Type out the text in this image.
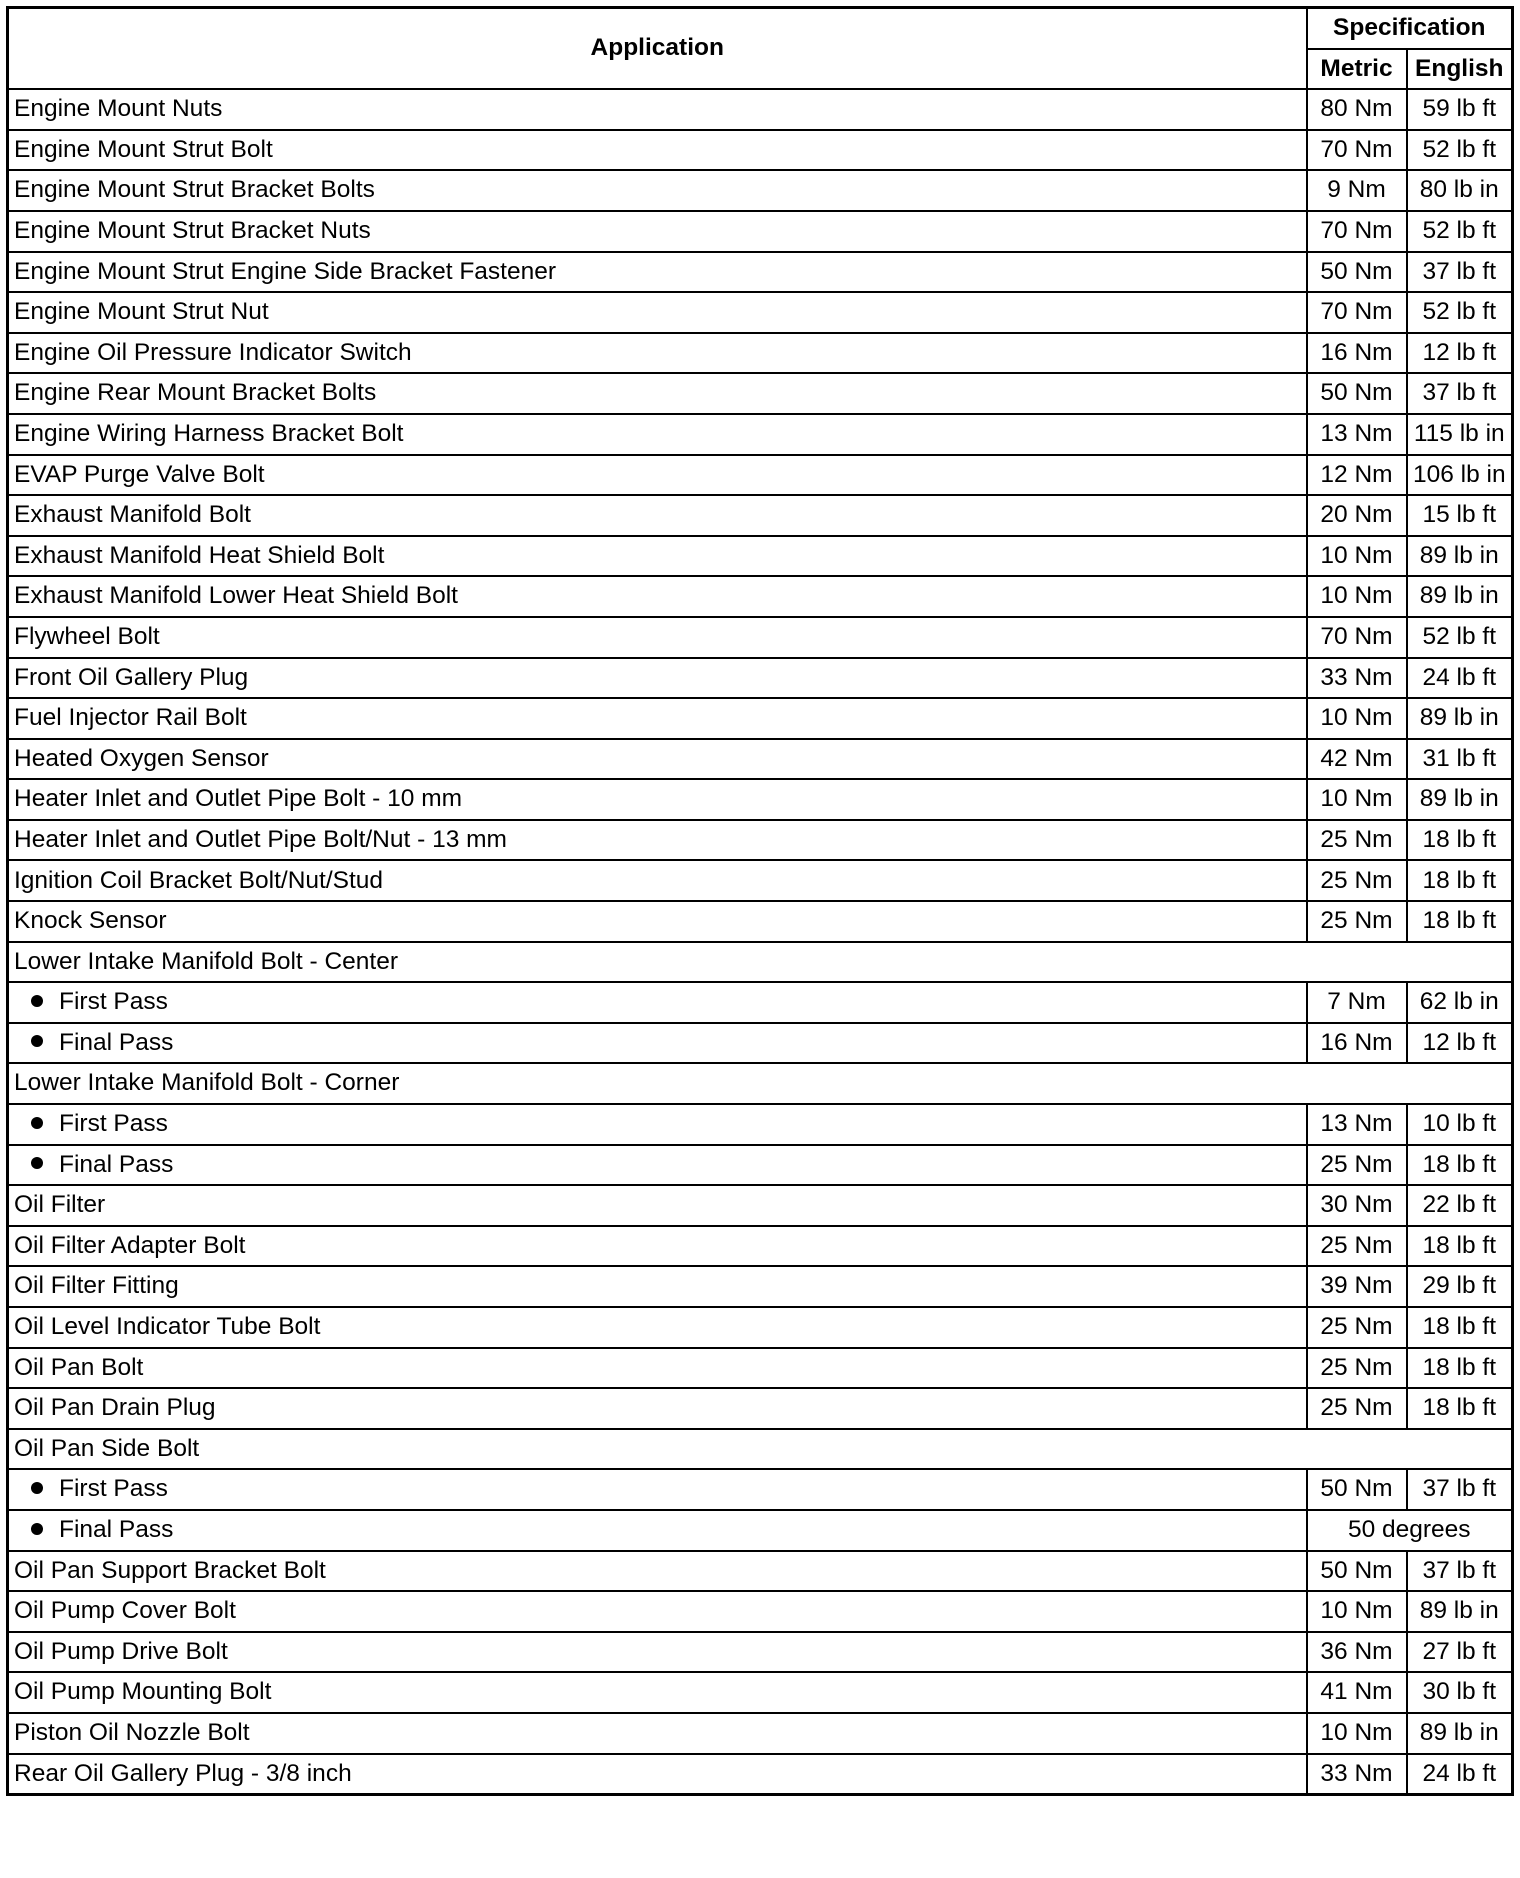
Application	Specification	
	Metric	English
Engine Mount Nuts	80 Nm	59 lb ft
Engine Mount Strut Bolt	70 Nm	52 lb ft
Engine Mount Strut Bracket Bolts	9 Nm	80 lb in
Engine Mount Strut Bracket Nuts	70 Nm	52 lb ft
Engine Mount Strut Engine Side Bracket Fastener	50 Nm	37 lb ft
Engine Mount Strut Nut	70 Nm	52 lb ft
Engine Oil Pressure Indicator Switch	16 Nm	12 lb ft
Engine Rear Mount Bracket Bolts	50 Nm	37 lb ft
Engine Wiring Harness Bracket Bolt	13 Nm	115 lb in
EVAP Purge Valve Bolt	12 Nm	106 lb in
Exhaust Manifold Bolt	20 Nm	15 lb ft
Exhaust Manifold Heat Shield Bolt	10 Nm	89 lb in
Exhaust Manifold Lower Heat Shield Bolt	10 Nm	89 lb in
Flywheel Bolt	70 Nm	52 lb ft
Front Oil Gallery Plug	33 Nm	24 lb ft
Fuel Injector Rail Bolt	10 Nm	89 lb in
Heated Oxygen Sensor	42 Nm	31 lb ft
Heater Inlet and Outlet Pipe Bolt - 10 mm	10 Nm	89 lb in
Heater Inlet and Outlet Pipe Bolt/Nut - 13 mm	25 Nm	18 lb ft
Ignition Coil Bracket Bolt/Nut/Stud	25 Nm	18 lb ft
Knock Sensor	25 Nm	18 lb ft
Lower Intake Manifold Bolt - Center		
First Pass	7 Nm	62 lb in
Final Pass	16 Nm	12 lb ft
Lower Intake Manifold Bolt - Corner		
First Pass	13 Nm	10 lb ft
Final Pass	25 Nm	18 lb ft
Oil Filter	30 Nm	22 lb ft
Oil Filter Adapter Bolt	25 Nm	18 lb ft
Oil Filter Fitting	39 Nm	29 lb ft
Oil Level Indicator Tube Bolt	25 Nm	18 lb ft
Oil Pan Bolt	25 Nm	18 lb ft
Oil Pan Drain Plug	25 Nm	18 lb ft
Oil Pan Side Bolt		
First Pass	50 Nm	37 lb ft
Final Pass	50 degrees	
Oil Pan Support Bracket Bolt	50 Nm	37 lb ft
Oil Pump Cover Bolt	10 Nm	89 lb in
Oil Pump Drive Bolt	36 Nm	27 lb ft
Oil Pump Mounting Bolt	41 Nm	30 lb ft
Piston Oil Nozzle Bolt	10 Nm	89 lb in
Rear Oil Gallery Plug - 3/8 inch	33 Nm	24 lb ft
